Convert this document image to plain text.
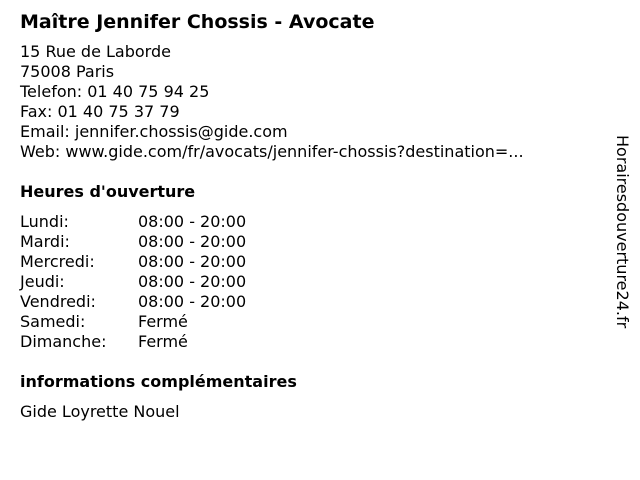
Maître Jennifer Chossis - Avocate
15 Rue de Laborde
75008 Paris
Telefon: 01 40 75 94 25
Fax: 01 40 75 37 79
Email: jennifer.chossis@gide.com
Web: www.gide.com/fr/avocats/jennifer-chossis?destination=...
Heures d'ouverture
Lundi:	08:00 - 20:00
Mardi:	08:00 - 20:00
Mercredi:	08:00 - 20:00
Jeudi:	08:00 - 20:00
Vendredi:	08:00 - 20:00
Samedi:	Fermé
Dimanche: Fermé
informations complémentaires
Gide Loyrette Nouel
Horairesdouverture24.fr
